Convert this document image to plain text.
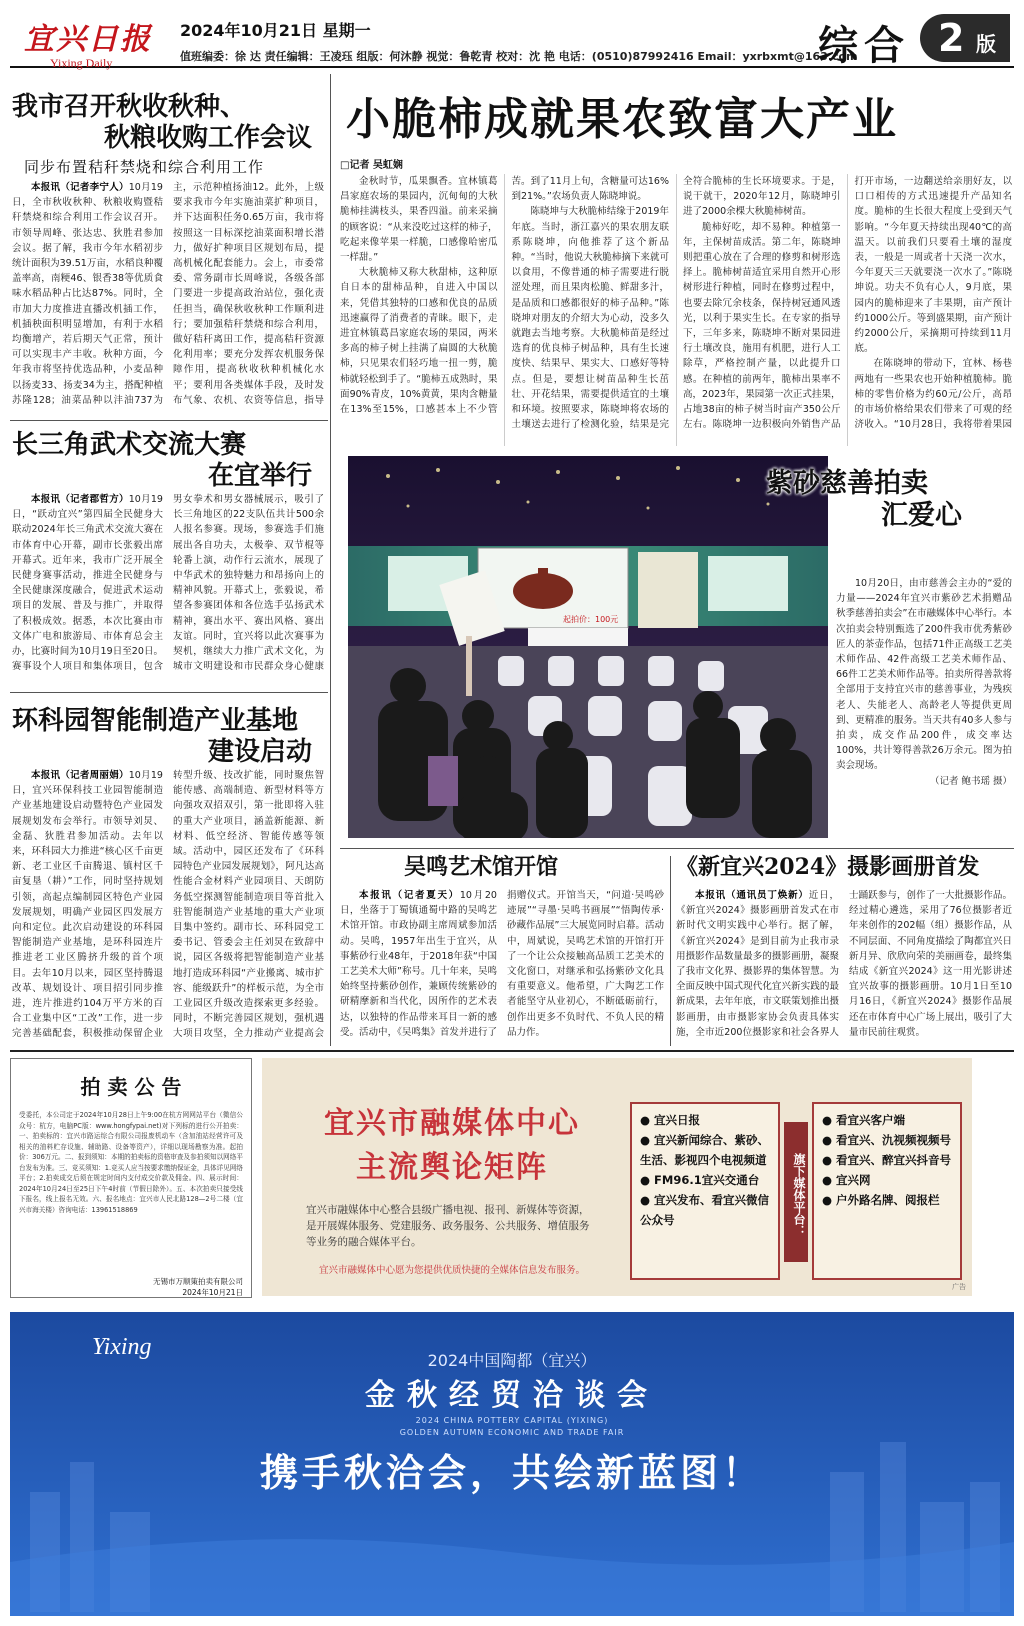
宜兴日报
Yixing Daily
2024年10月21日 星期一
值班编委：徐 达 责任编辑：王凌珏 组版：何沐静 视觉：鲁乾青 校对：沈 艳 电话：(0510)87992416 Email：yxrbxmt@163.com
综合 2 版
我市召开秋收秋种、
秋粮收购工作会议
同步布置秸秆禁烧和综合利用工作

本报讯（记者李宁人）10月19日，全市秋收秋种、秋粮收购暨秸秆禁烧和综合利用工作会议召开。市领导周峰、张达忠、狄胜君参加会议。据了解，我市今年水稻初步统计面积为39.51万亩，水稻良种覆盖率高，南粳46、银香38等优质食味水稻品种占比达87%。同时，全市加大力度推进直播改机插工作，机插秧面积明显增加，有利于水稻均衡增产，若后期天气正常，预计可以实现丰产丰收。秋种方面，今年我市将坚持优选品种，小麦品种以扬麦33、扬麦34为主，搭配种植苏隆128；油菜品种以沣油737为主，示范种植扬油12。此外，上级要求我市今年实施油菜扩种项目，并下达面积任务0.65万亩，我市将按照这一目标深挖油菜面积增长潜力，做好扩种项目区规划布局，提高机械化配套能力。会上，市委常委、常务副市长周峰说，各级各部门要进一步提高政治站位，强化责任担当，确保秋收秋种工作顺利进行；要加强秸秆禁烧和综合利用，做好秸秆离田工作，提高秸秆资源化利用率；要充分发挥农机服务保障作用，提高秋收秋种机械化水平；要利用各类媒体手段，及时发布气象、农机、农资等信息，指导

长三角武术交流大赛
在宜举行

本报讯（记者郡哲方）10月19日，“跃动宜兴”第四届全民健身大联动2024年长三角武术交流大赛在市体育中心开幕，副市长张毅出席开幕式。近年来，我市广泛开展全民健身赛事活动，推进全民健身与全民健康深度融合，促进武术运动项目的发展、普及与推广，并取得了积极成效。据悉，本次比赛由市文体广电和旅游局、市体育总会主办，比赛时间为10月19日至20日。赛事设个人项目和集体项目，包含男女拳术和男女器械展示，吸引了长三角地区的22支队伍共计500余人报名参赛。现场，参赛选手们施展出各自功夫，太极拳、双节棍等轮番上演，动作行云流水，展现了中华武术的独特魅力和昂扬向上的精神风貌。开幕式上，张毅说，希望各参赛团体和各位选手弘扬武术精神，赛出水平、赛出风格、赛出友谊。同时，宜兴将以此次赛事为契机，继续大力推广武术文化，为城市文明建设和市民群众身心健康

环科园智能制造产业基地
建设启动

本报讯（记者周丽娟）10月19日，宜兴环保科技工业园智能制造产业基地建设启动暨特色产业园发展规划发布会举行。市领导刘炅、金磊、狄胜君参加活动。去年以来，环科园大力推进“核心区千亩更新、老工业区千亩腾退、镇村区千亩复垦（耕）”工作，同时坚持规划引领，高起点编制园区特色产业园发展规划，明确产业园区四发展方向和定位。此次启动建设的环科园智能制造产业基地，是环科园连片推进老工业区腾挤升级的首个项目。去年10月以来，园区坚持腾退改革、规划设计、项目招引同步推进，连片推进约104万平方米的百合工业集中区“工改”工作，进一步完善基础配套，积极推动保留企业转型升级、技改扩能，同时聚焦智能传感、高端制造、新型材料等方向强攻双招双引，第一批即将入驻的重大产业项目，涵盖新能源、新材料、低空经济、智能传感等领域。活动中，园区还发布了《环科园特色产业园发展规划》，阿凡达高性能合金材料产业园项目、天朗防务低空探测智能制造项目等首批入驻智能制造产业基地的重大产业项目集中签约。副市长、环科园党工委书记、管委会主任刘炅在致辞中说，园区各级将把智能制造产业基地打造成环科园“产业搬离、城市扩容、能级跃升”的样板示范，为全市工业园区升级改造探索更多经验。同时，不断完善园区规划，强机遇大项目攻坚，全力推动产业提高会

小脆柿成就果农致富大产业
□记者 吴虹娴

金秋时节，瓜果飘香。宜林镇葛昌家庭农场的果园内，沉甸甸的大秋脆柿挂满枝头，果香四溢。前来采摘的顾客说：“从来没吃过这样的柿子，吃起来像苹果一样脆，口感像哈密瓜一样甜。”

大秋脆柿又称大秋甜柿，这种原自日本的甜柿品种，自进入中国以来，凭借其独特的口感和优良的品质迅速赢得了消费者的青睐。眼下，走进宜林镇葛昌家庭农场的果园，两米多高的柿子树上挂满了扁圆的大秋脆柿，只见果农们轻巧地一扭一剪，脆柿就轻松到手了。“脆柿五成熟时，果面90%青皮，10%黄黄，果肉含糖量在13%至15%，口感甚本上不少管苦。到了11月上旬，含糖量可达16%到21%。”农场负责人陈晓坤说。

陈晓坤与大秋脆柿结缘于2019年年底。当时，浙江嘉兴的果农朋友联系陈晓坤，向他推荐了这个新品种。“当时，他说大秋脆柿摘下来就可以食用，不像普通的柿子需要进行脱涩处理，而且果肉松脆、鲜甜多汁，是品质和口感都很好的柿子品种。”陈晓坤对朋友的介绍大为心动，没多久就跑去当地考察。大秋脆柿苗是经过选育的优良柿子树品种，具有生长速度快、结果早、果实大、口感好等特点。但是，要想让树苗品种生长茁壮、开花结果，需要提供适宜的土壤和环境。按照要求，陈晓坤将农场的土壤送去进行了检测化验，结果是完全符合脆柿的生长环境要求。于是，说干就干，2020年12月，陈晓坤引进了2000余棵大秋脆柿树苗。

脆柿好吃，却不易种。种植第一年，主保树苗成活。第二年，陈晓坤则把重心放在了合理的修剪和树形选择上。脆柿树苗适宜采用自然开心形树形进行种植，同时在修剪过程中，也要去除冗余枝条，保持树冠通风透光，以利于果实生长。在专家的指导下，三年多来，陈晓坤不断对果园进行土壤改良，施用有机肥，进行人工除草，严格控制产量，以此提升口感。在种植的前两年，脆柿出果率不高，2023年，果园第一次正式挂果，占地38亩的柿子树当时亩产350公斤左右。陈晓坤一边积极向外销售产品打开市场，一边翻送给亲朋好友，以口口相传的方式迅速提升产品知名度。脆柿的生长很大程度上受到天气影响。“今年夏天持续出现40℃的高温天。以前我们只要看土壤的湿度表，一般是一周或者十天浇一次水，今年夏天三天就要浇一次水了。”陈晓坤说。功夫不负有心人，9月底，果园内的脆柿迎来了丰果期，亩产预计约1000公斤。等到盛果期，亩产预计约2000公斤，采摘期可持续到11月底。

在陈晓坤的带动下，宜林、杨巷两地有一些果农也开始种植脆柿。脆柿的零售价格为约60元/公斤，高昂的市场价格给果农们带来了可观的经济收入。“10月28日，我将带着果园

起拍价：100元
紫砂慈善拍卖
汇爱心

10月20日，由市慈善会主办的“爱的力量——2024年宜兴市紫砂艺术捐赠品秋季慈善拍卖会”在市融媒体中心举行。本次拍卖会特别甄选了200件我市优秀紫砂匠人的茶壶作品，包括71件正高级工艺美术师作品、42件高级工艺美术师作品、66件工艺美术师作品等。拍卖所得善款将全部用于支持宜兴市的慈善事业，为残疾老人、失能老人、高龄老人等提供更周到、更精准的服务。当天共有40多人参与拍卖，成交作品200件，成交率达100%，共计筹得善款26万余元。图为拍卖会现场。

（记者 鲍书瑶 摄）
吴鸣艺术馆开馆

本报讯（记者夏天）10月20日，坐落于丁蜀镇通蜀中路的吴鸣艺术馆开馆。市政协副主席周斌参加活动。吴鸣，1957年出生于宜兴，从事紫砂行业48年，于2018年获“中国工艺美术大师”称号。几十年来，吴鸣始终坚持紫砂创作，兼顾传统紫砂的研精摩新和当代化，因所作的艺术表达，以独特的作品带来耳目一新的感受。活动中，《吴鸣集》首发并进行了捐赠仪式。开馆当天，“问道·吴鸣砂迹展”“寻墨·吴鸣书画展”“悟陶传承·砂藏作品展”三大展览同时启幕。活动中，周斌说，吴鸣艺术馆的开馆打开了一个让公众接触高品质工艺美术的文化窗口，对继承和弘扬紫砂文化具有重要意义。他希望，广大陶艺工作者能坚守从业初心，不断砥砺前行，创作出更多不负时代、不负人民的精品力作。

《新宜兴2024》摄影画册首发

本报讯（通讯员丁焕新）近日，《新宜兴2024》摄影画册首发式在市新时代文明实践中心举行。据了解，《新宜兴2024》是到目前为止我市录用摄影作品数量最多的摄影画册，凝聚了我市文化界、摄影界的集体智慧。为全面反映中国式现代化宜兴新实践的最新成果，去年年底，市文联策划推出摄影画册，由市摄影家协会负责具体实施，全市近200位摄影家和社会各界人士踊跃参与，创作了一大批摄影作品。经过精心遴选，采用了76位摄影者近年来创作的202幅（组）摄影作品，从不同层面、不同角度描绘了陶都宜兴日新月异、欣欣向荣的美丽画卷，最终集结成《新宜兴2024》这一用光影讲述宜兴故事的摄影画册。10月1日至10月16日，《新宜兴2024》摄影作品展还在市体育中心广场上展出，吸引了大量市民前往观赏。

拍 卖 公 告
受委托，本公司定于2024年10月28日上午9:00在杭方网网站平台（微信公众号：杭方，电脑PC版：www.hongfypai.net)对下列标的进行公开拍卖：一、拍卖标的：宜兴市路运综合有限公司报废机动车（含加油站经营许可及相关的油料贮存设施、辅助路、设备等资产），详细以现场勘察为准。起拍价：306万元。二、报到须知：本期的拍卖标的资格审查及参拍须知以网络平台发布为准。三、竞买须知：1.竞买人应当按要求缴纳保证金，具体详见网络平台；2.拍卖成交后须在规定时间内支付成交价款及佣金。四、展示时间：2024年10月24日至25日下午4时前（节假日除外）。五、本次拍卖只接受线下报名，线上报名无效。六、报名地点：宜兴市人民北路128—2号二楼（宜兴市海关楼）咨询电话：13961518869
无锡市万顺策拍卖有限公司
2024年10月21日
宜兴市融媒体中心
主流舆论矩阵
宜兴市融媒体中心整合县级广播电视、报刊、新媒体等资源，是开展媒体服务、党建服务、政务服务、公共服务、增值服务等业务的融合媒体平台。
宜兴市融媒体中心愿为您提供优质快捷的全媒体信息发布服务。
● 宜兴日报
● 宜兴新闻综合、紫砂、生活、影视四个电视频道
● FM96.1宜兴交通台
● 宜兴发布、看宜兴微信公众号	旗下媒体平台：
● 看宜兴客户端
● 看宜兴、氿视频视频号
● 看宜兴、醉宜兴抖音号
● 宜兴网
● 户外路名牌、阅报栏
广告
Yixing
2024中国陶都（宜兴）
金秋经贸洽谈会
2024 CHINA POTTERY CAPITAL (YIXING)
GOLDEN AUTUMN ECONOMIC AND TRADE FAIR
携手秋洽会，共绘新蓝图！
